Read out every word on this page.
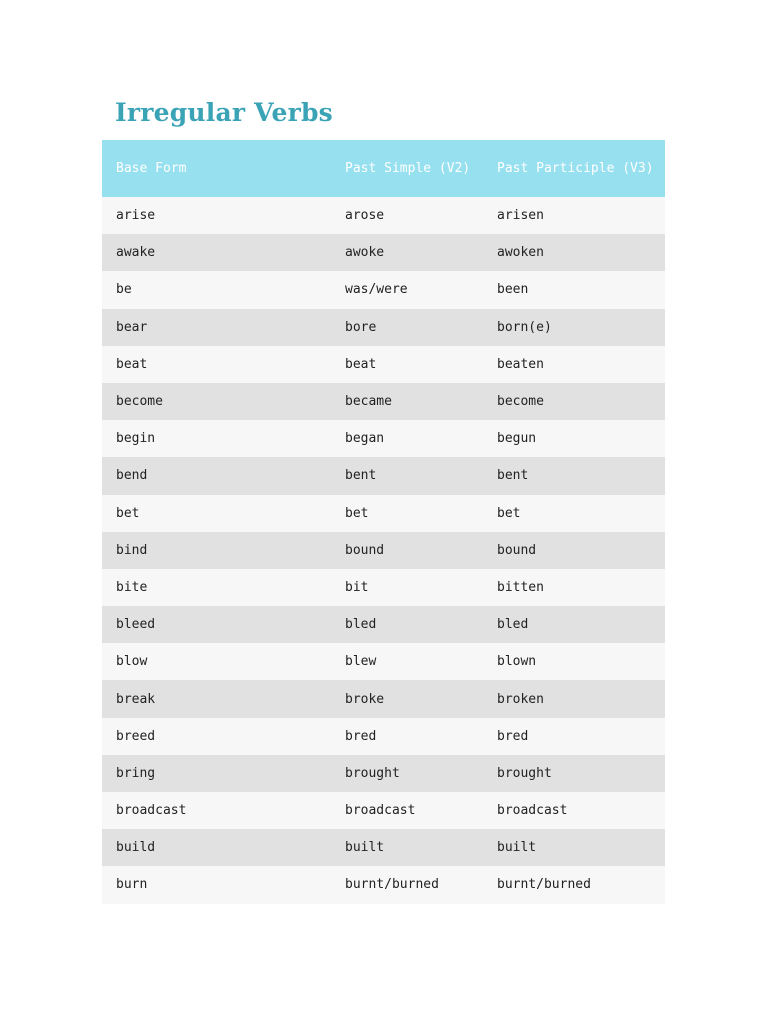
Irregular Verbs
Base Form	Past Simple (V2)	Past Participle (V3)
arise	arose	arisen
awake	awoke	awoken
be	was/were	been
bear	bore	born(e)
beat	beat	beaten
become	became	become
begin	began	begun
bend	bent	bent
bet	bet	bet
bind	bound	bound
bite	bit	bitten
bleed	bled	bled
blow	blew	blown
break	broke	broken
breed	bred	bred
bring	brought	brought
broadcast	broadcast	broadcast
build	built	built
burn	burnt/burned	burnt/burned
